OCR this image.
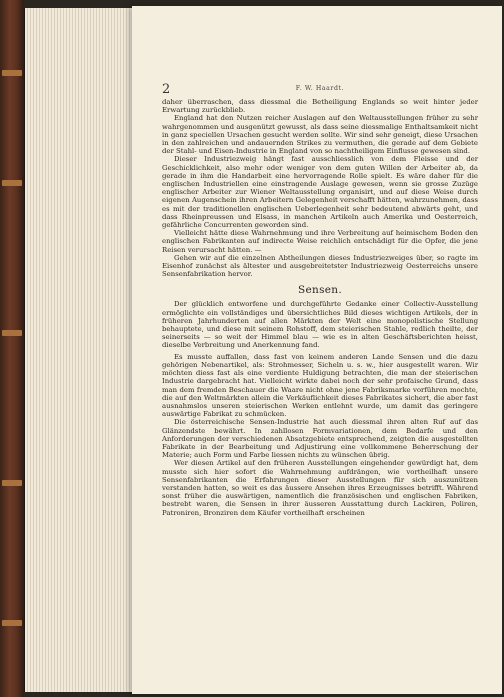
2	F. W. Haardt.

daher überraschen, dass diessmal die Betheiligung Englands so weit hinter jeder Erwartung zurückblieb.

England hat den Nutzen reicher Auslagen auf den Weltausstellungen früher zu sehr wahrgenommen und ausgenützt gewusst, als dass seine diessmalige Enthaltsamkeit nicht in ganz speciellen Ursachen gesucht werden sollte. Wir sind sehr geneigt, diese Ursachen in den zahlreichen und andauernden Strikes zu vermuthen, die gerade auf dem Gebiete der Stahl- und Eisen-Industrie in England von so nachtheiligem Einflusse gewesen sind.

Dieser Industriezweig hängt fast ausschliesslich von dem Fleisse und der Geschicklichkeit, also mehr oder weniger von dem guten Willen der Arbeiter ab, da gerade in ihm die Handarbeit eine hervorragende Rolle spielt. Es wäre daher für die englischen Industriellen eine einstragende Auslage gewesen, wenn sie grosse Zuzüge englischer Arbeiter zur Wiener Weltausstellung organisirt, und auf diese Weise durch eigenen Augenschein ihren Arbeitern Gelegenheit verschafft hätten, wahrzunehmen, dass es mit der traditionellen englischen Ueberlegenheit sehr bedeutend abwärts geht, und dass Rheinpreussen und Elsass, in manchen Artikeln auch Amerika und Oesterreich, gefährliche Concurrenten geworden sind.

Vielleicht hätte diese Wahrnehmung und ihre Verbreitung auf heimischem Boden den englischen Fabrikanten auf indirecte Weise reichlich entschädigt für die Opfer, die jene Reisen verursacht hätten. —

Gehen wir auf die einzelnen Abtheilungen dieses Industriezweiges über, so ragte im Eisenhof zunächst als ältester und ausgebreitetster Industriezweig Oesterreichs unsere Sensenfabrikation hervor.

Sensen.

Der glücklich entworfene und durchgeführte Gedanke einer Collectiv-Ausstellung ermöglichte ein vollständiges und übersichtliches Bild dieses wichtigen Artikels, der in früheren Jahrhunderten auf allen Märkten der Welt eine monopolistische Stellung behauptete, und diese mit seinem Rohstoff, dem steierischen Stahle, redlich theilte, der seinerseits — so weit der Himmel blau — wie es in alten Geschäftsberichten heisst, dieselbe Verbreitung und Anerkennung fand.

Es musste auffallen, dass fast von keinem anderen Lande Sensen und die dazu gehörigen Nebenartikel, als: Strohmesser, Sicheln u. s. w., hier ausgestellt waren. Wir möchten diess fast als eine verdiente Huldigung betrachten, die man der steierischen Industrie dargebracht hat. Vielleicht wirkte dabei noch der sehr profaische Grund, dass man dem fremden Beschauer die Waare nicht ohne jene Fabriksmarke vorführen mochte, die auf den Weltmärkten allein die Verkäuflichkeit dieses Fabrikates sichert, die aber fast ausnahmslos unseren steierischen Werken entlehnt wurde, um damit das geringere auswärtige Fabrikat zu schmücken.

Die österreichische Sensen-Industrie hat auch diessmal ihren alten Ruf auf das Glänzendste bewährt. In zahllosen Formvariationen, dem Bedarfe und den Anforderungen der verschiedenen Absatzgebiete entsprechend, zeigten die ausgestellten Fabrikate in der Bearbeitung und Adjustirung eine vollkommene Beherrschung der Materie; auch Form und Farbe liessen nichts zu wünschen übrig.

Wer diesen Artikel auf den früheren Ausstellungen eingehender gewürdigt hat, dem musste sich hier sofort die Wahrnehmung aufdrängen, wie vortheilhaft unsere Sensenfabrikanten die Erfahrungen dieser Ausstellungen für sich auszunützen verstanden hatten, so weit es das äussere Ansehen ihres Erzeugnisses betrifft. Während sonst früher die auswärtigen, namentlich die französischen und englischen Fabriken, bestrebt waren, die Sensen in ihrer äusseren Ausstattung durch Lackiren, Poliren, Patroniren, Bronziren dem Käufer vortheilhaft erscheinen
